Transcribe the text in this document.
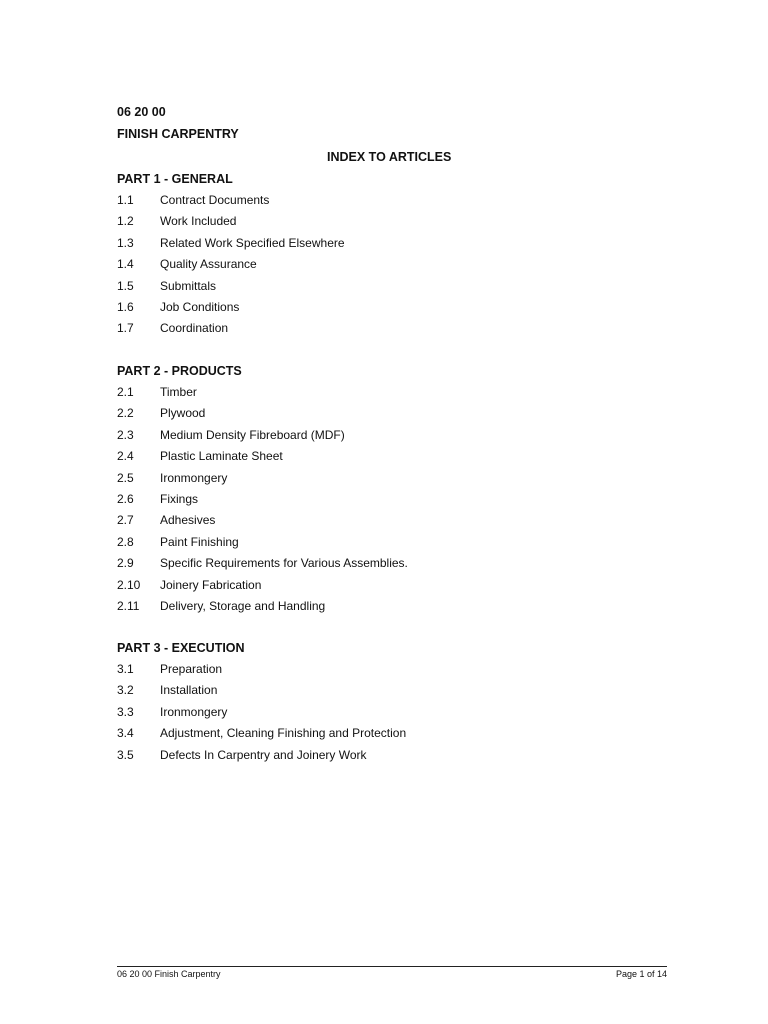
06 20 00
FINISH CARPENTRY
INDEX TO ARTICLES
PART 1 - GENERAL
1.1	Contract Documents
1.2	Work Included
1.3	Related Work Specified Elsewhere
1.4	Quality Assurance
1.5	Submittals
1.6	Job Conditions
1.7	Coordination
PART 2 - PRODUCTS
2.1	Timber
2.2	Plywood
2.3	Medium Density Fibreboard (MDF)
2.4	Plastic Laminate Sheet
2.5	Ironmongery
2.6	Fixings
2.7	Adhesives
2.8	Paint Finishing
2.9	Specific Requirements for Various Assemblies.
2.10	Joinery Fabrication
2.11	Delivery, Storage and Handling
PART 3 - EXECUTION
3.1	Preparation
3.2	Installation
3.3	Ironmongery
3.4	Adjustment, Cleaning Finishing and Protection
3.5	Defects In Carpentry and Joinery Work
06 20 00 Finish Carpentry	Page 1 of 14
